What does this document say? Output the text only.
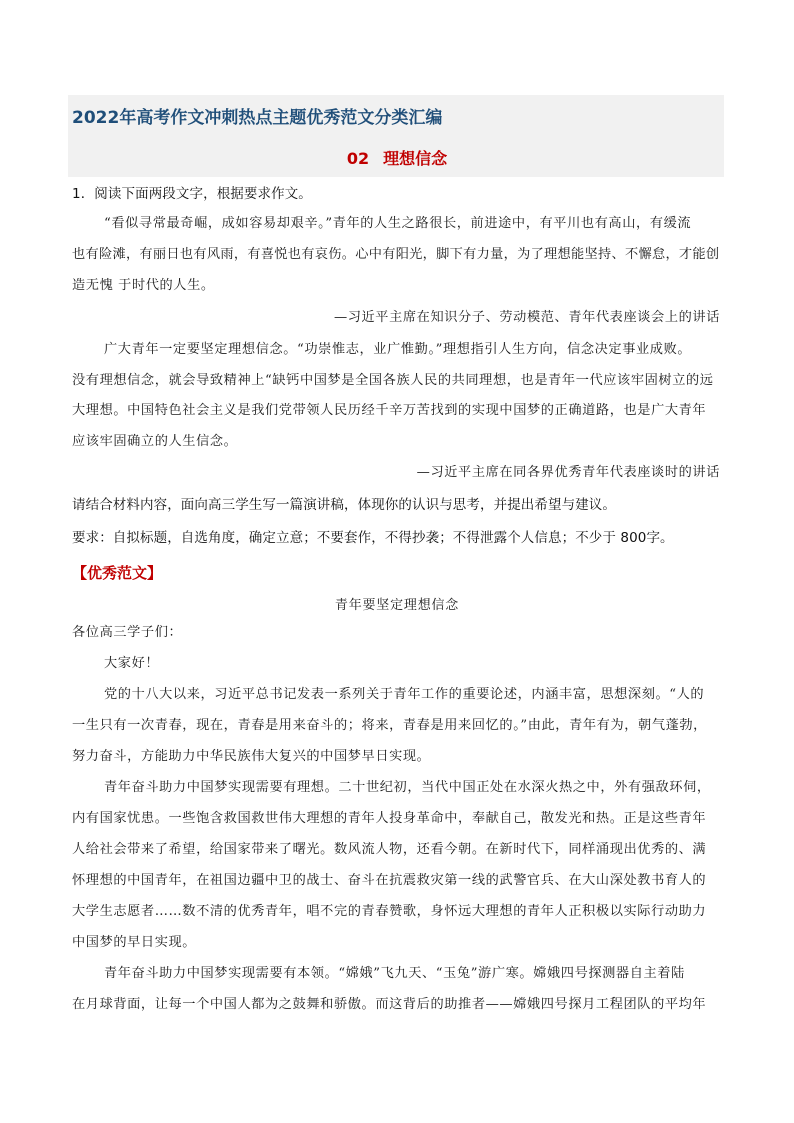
2022年高考作文冲刺热点主题优秀范文分类汇编
02 理想信念
1．阅读下面两段文字，根据要求作文。
“看似寻常最奇崛，成如容易却艰辛。”青年的人生之路很长，前进途中，有平川也有高山，有缓流
也有险滩，有丽日也有风雨，有喜悦也有哀伤。心中有阳光，脚下有力量，为了理想能坚持、不懈怠，才能创
造无愧 于时代的人生。
—习近平主席在知识分子、劳动模范、青年代表座谈会上的讲话
广大青年一定要坚定理想信念。“功崇惟志，业广惟勤。”理想指引人生方向，信念决定事业成败。
没有理想信念，就会导致精神上“缺钙中国梦是全国各族人民的共同理想，也是青年一代应该牢固树立的远
大理想。中国特色社会主义是我们党带领人民历经千辛万苦找到的实现中国梦的正确道路，也是广大青年
应该牢固确立的人生信念。
—习近平主席在同各界优秀青年代表座谈时的讲话
请结合材料内容，面向高三学生写一篇演讲稿，体现你的认识与思考，并提出希望与建议。
要求：自拟标题，自选角度，确定立意；不要套作，不得抄袭；不得泄露个人信息；不少于 800字。
【优秀范文】
青年要坚定理想信念
各位高三学子们：
大家好！
党的十八大以来，习近平总书记发表一系列关于青年工作的重要论述，内涵丰富，思想深刻。“人的
一生只有一次青春，现在，青春是用来奋斗的；将来，青春是用来回忆的。”由此，青年有为，朝气蓬勃，
努力奋斗，方能助力中华民族伟大复兴的中国梦早日实现。
青年奋斗助力中国梦实现需要有理想。二十世纪初，当代中国正处在水深火热之中，外有强敌环伺，
内有国家忧患。一些饱含救国救世伟大理想的青年人投身革命中，奉献自己，散发光和热。正是这些青年
人给社会带来了希望，给国家带来了曙光。数风流人物，还看今朝。在新时代下，同样涌现出优秀的、满
怀理想的中国青年，在祖国边疆中卫的战士、奋斗在抗震救灾第一线的武警官兵、在大山深处教书育人的
大学生志愿者……数不清的优秀青年，唱不完的青春赞歌，身怀远大理想的青年人正积极以实际行动助力
中国梦的早日实现。
青年奋斗助力中国梦实现需要有本领。“嫦娥”飞九天、“玉兔”游广寒。嫦娥四号探测器自主着陆
在月球背面，让每一个中国人都为之鼓舞和骄傲。而这背后的助推者——嫦娥四号探月工程团队的平均年
